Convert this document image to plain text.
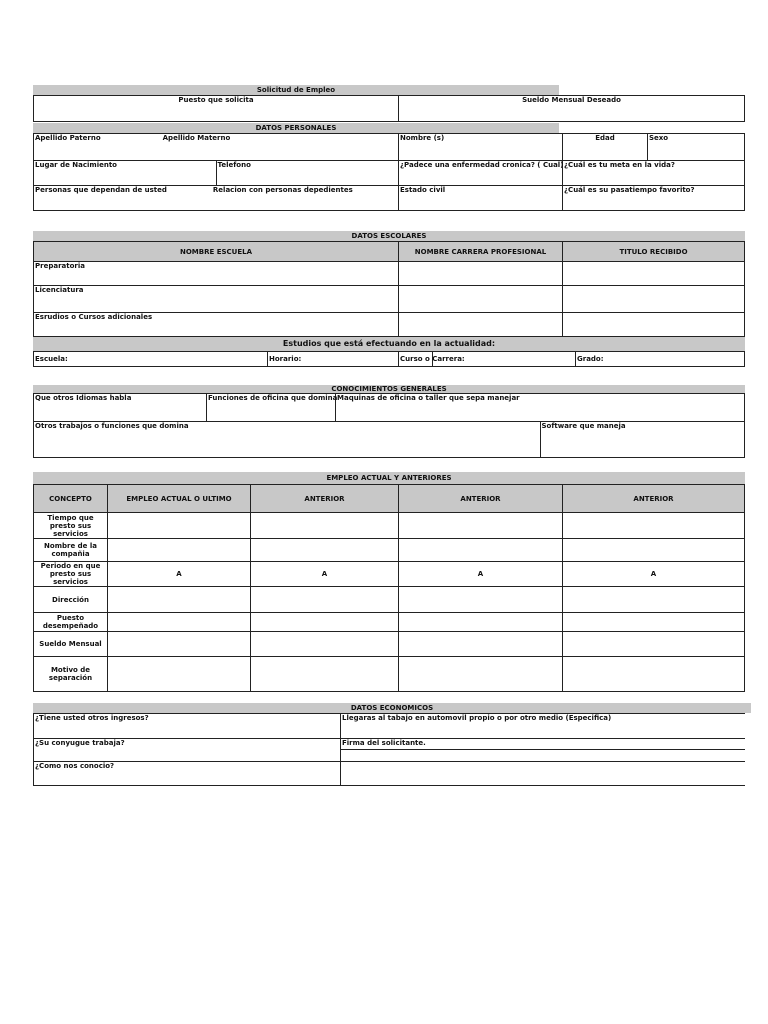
Solicitud de Empleo
Puesto que solicita	Sueldo Mensual Deseado
DATOS PERSONALES
Apellido Paterno Apellido Materno		Nombre (s)	Edad	Sexo
Lugar de Nacimiento	Telefono	¿Padece una enfermedad cronica? ( Cual)	¿Cuál es tu meta en la vida?	
Personas que dependan de usted Relacion con personas depedientes		Estado civil	¿Cuál es su pasatiempo favorito?	
DATOS ESCOLARES
NOMBRE ESCUELA	NOMBRE CARRERA PROFESIONAL	TITULO RECIBIDO
Preparatoria		
Licenciatura		
Esrudios o Cursos adicionales		
Estudios que está efectuando en la actualidad:
Escuela:	Horario:	Curso o Carrera:		Grado:
CONOCIMIENTOS GENERALES
Que otros Idiomas habla	Funciones de oficina que domina	Maquinas de oficina o taller que sepa manejar	
Otros trabajos o funciones que domina			Software que maneja
EMPLEO ACTUAL Y ANTERIORES
CONCEPTO	EMPLEO ACTUAL O ULTIMO	ANTERIOR	ANTERIOR	ANTERIOR
Tiempo que presto sus servicios				
Nombre de la compañia				
Periodo en que presto sus servicios	A	A	A	A
Dirección				
Puesto desempeñado				
Sueldo Mensual				
Motivo de separación				
DATOS ECONOMICOS
¿Tiene usted otros ingresos?	Llegaras al tabajo en automovil propio o por otro medio (Especifica)
¿Su conyugue trabaja?	Firma del solicitante.

¿Como nos conocio?	
